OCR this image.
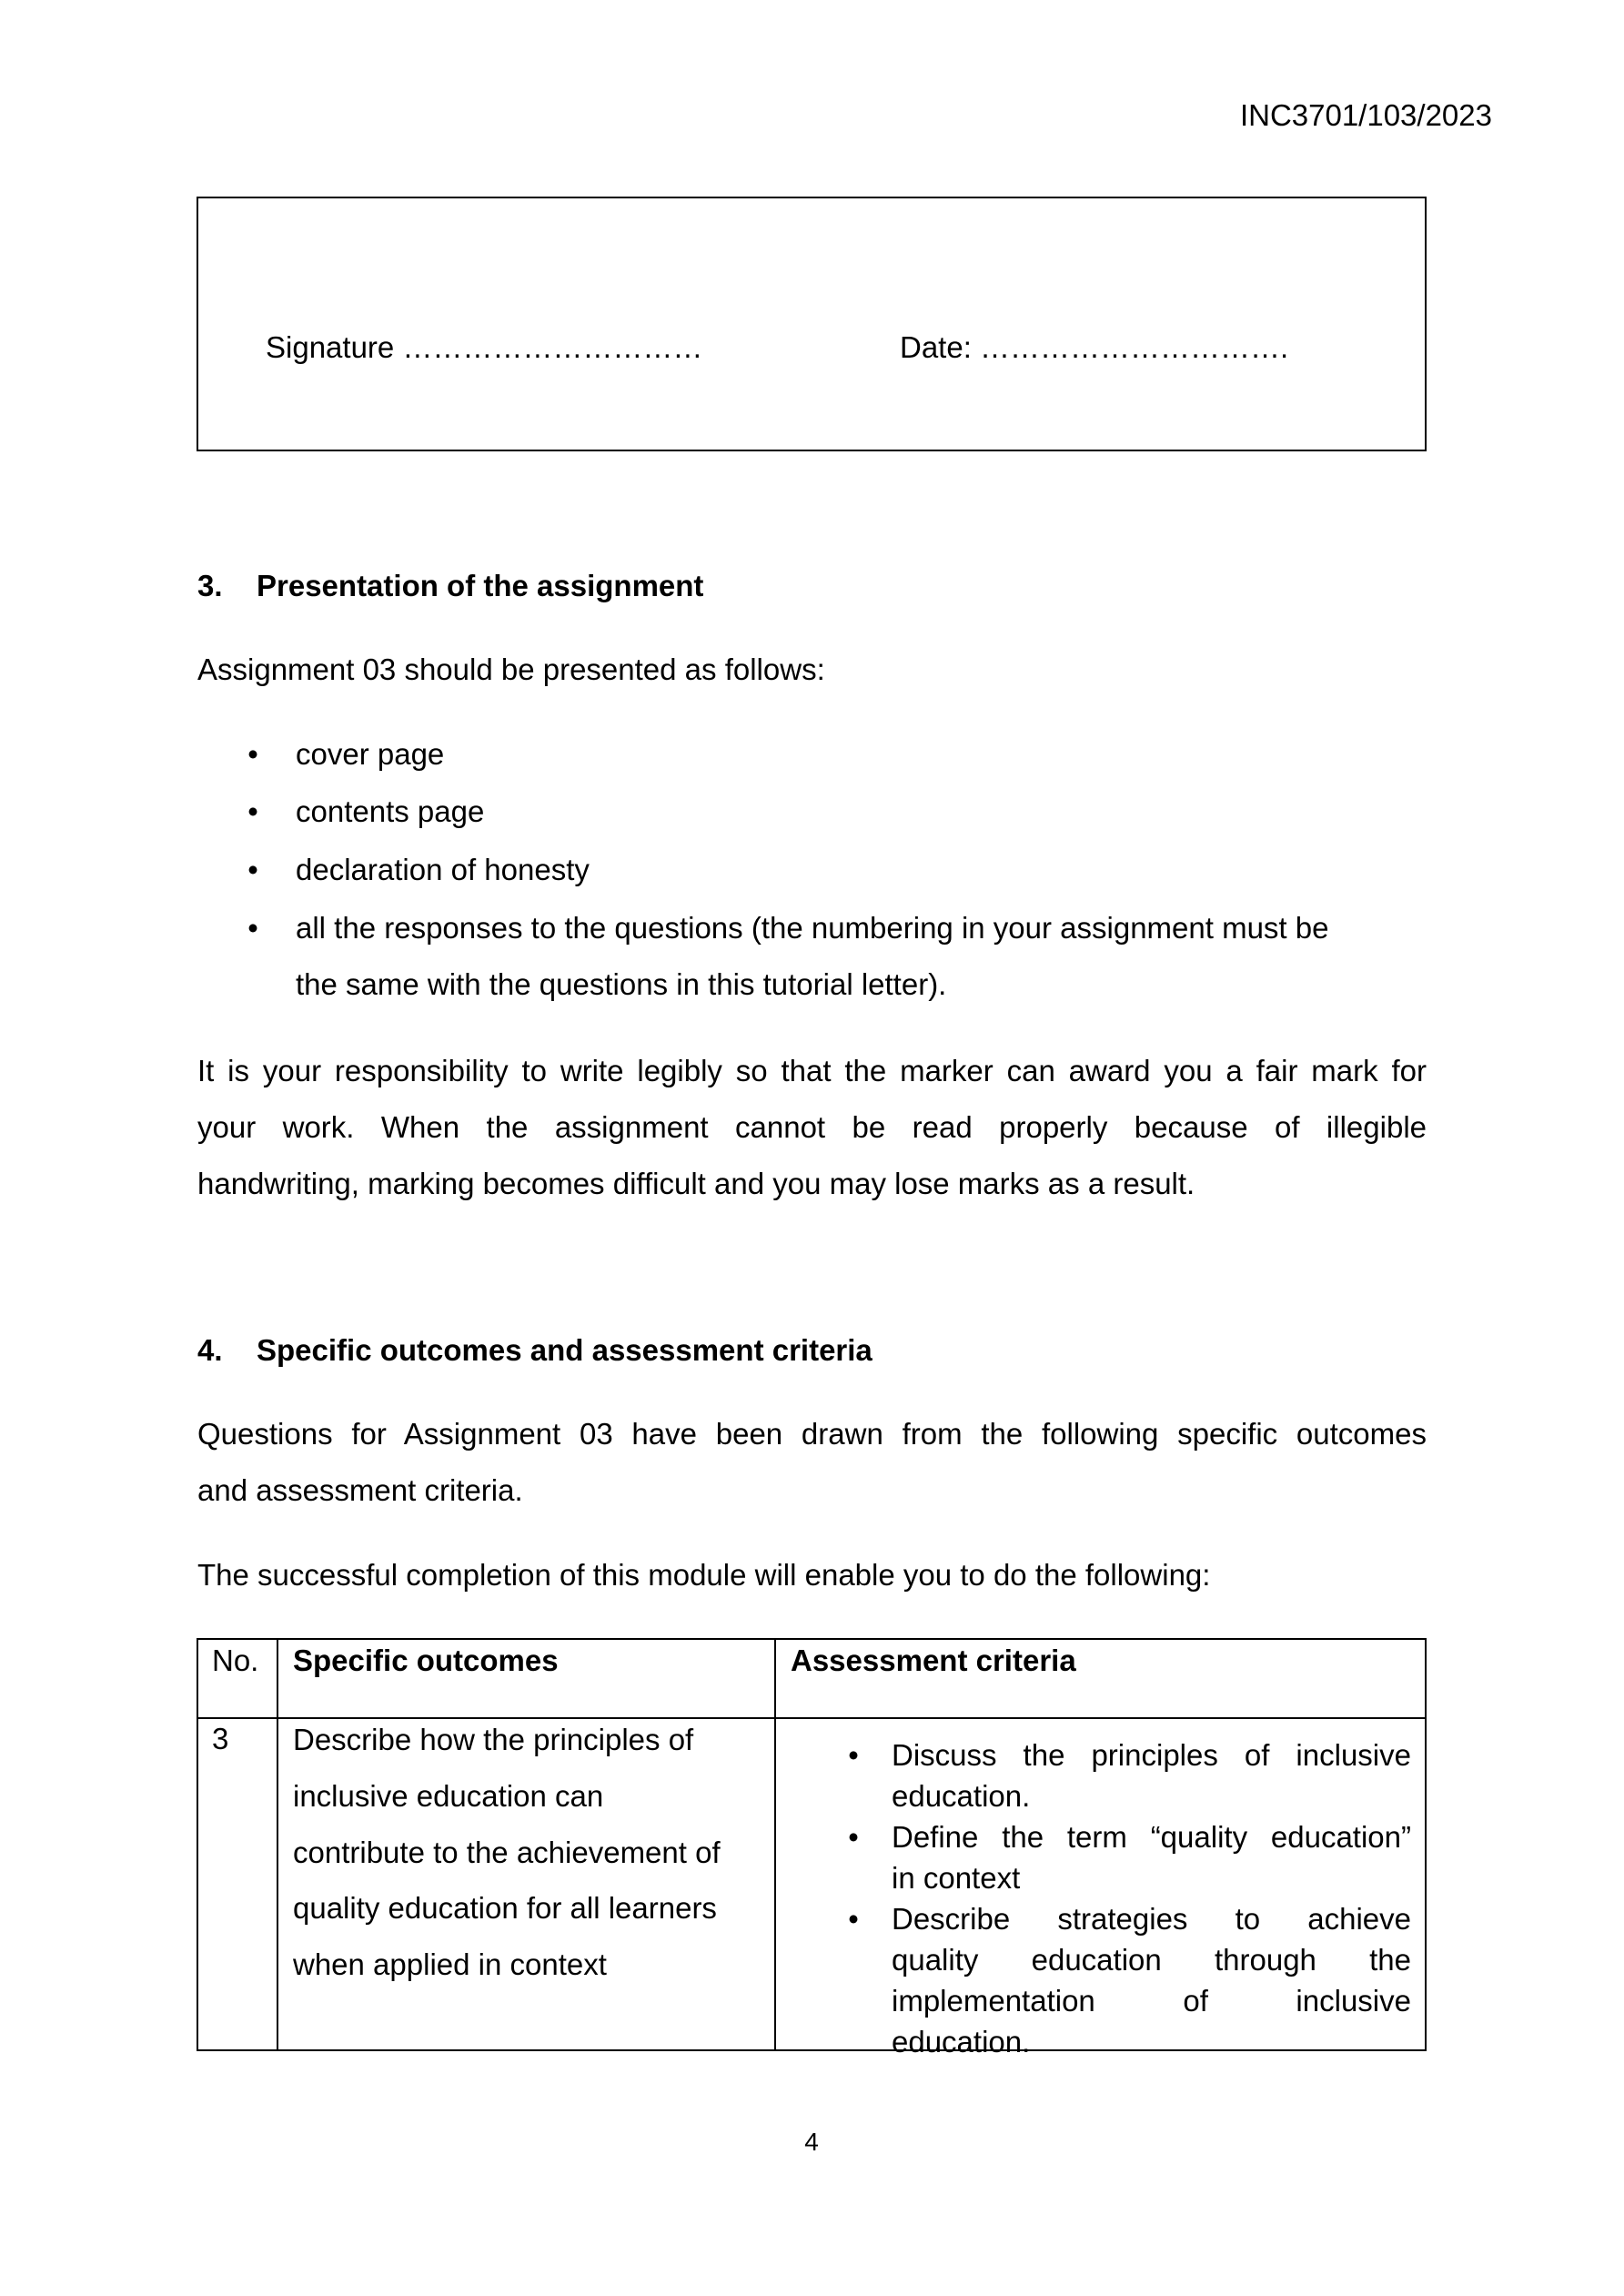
INC3701/103/2023
Signature …………………………	Date: ………………………….
3. Presentation of the assignment
Assignment 03 should be presented as follows:
• cover page
• contents page
• declaration of honesty
• all the responses to the questions (the numbering in your assignment must be
the same with the questions in this tutorial letter).
It is your responsibility to write legibly so that the marker can award you a fair mark for
your work. When the assignment cannot be read properly because of illegible
handwriting, marking becomes difficult and you may lose marks as a result.
4. Specific outcomes and assessment criteria
Questions for Assignment 03 have been drawn from the following specific outcomes
and assessment criteria.
The successful completion of this module will enable you to do the following:
No. Specific outcomes	Assessment criteria
3 Describe how the principles of
inclusive education can
contribute to the achievement of
quality education for all learners
when applied in context
• Discuss the principles of inclusive
education.
• Define the term “quality education”
in context
• Describe strategies to achieve
quality education through the
implementation of inclusive
education.
4
